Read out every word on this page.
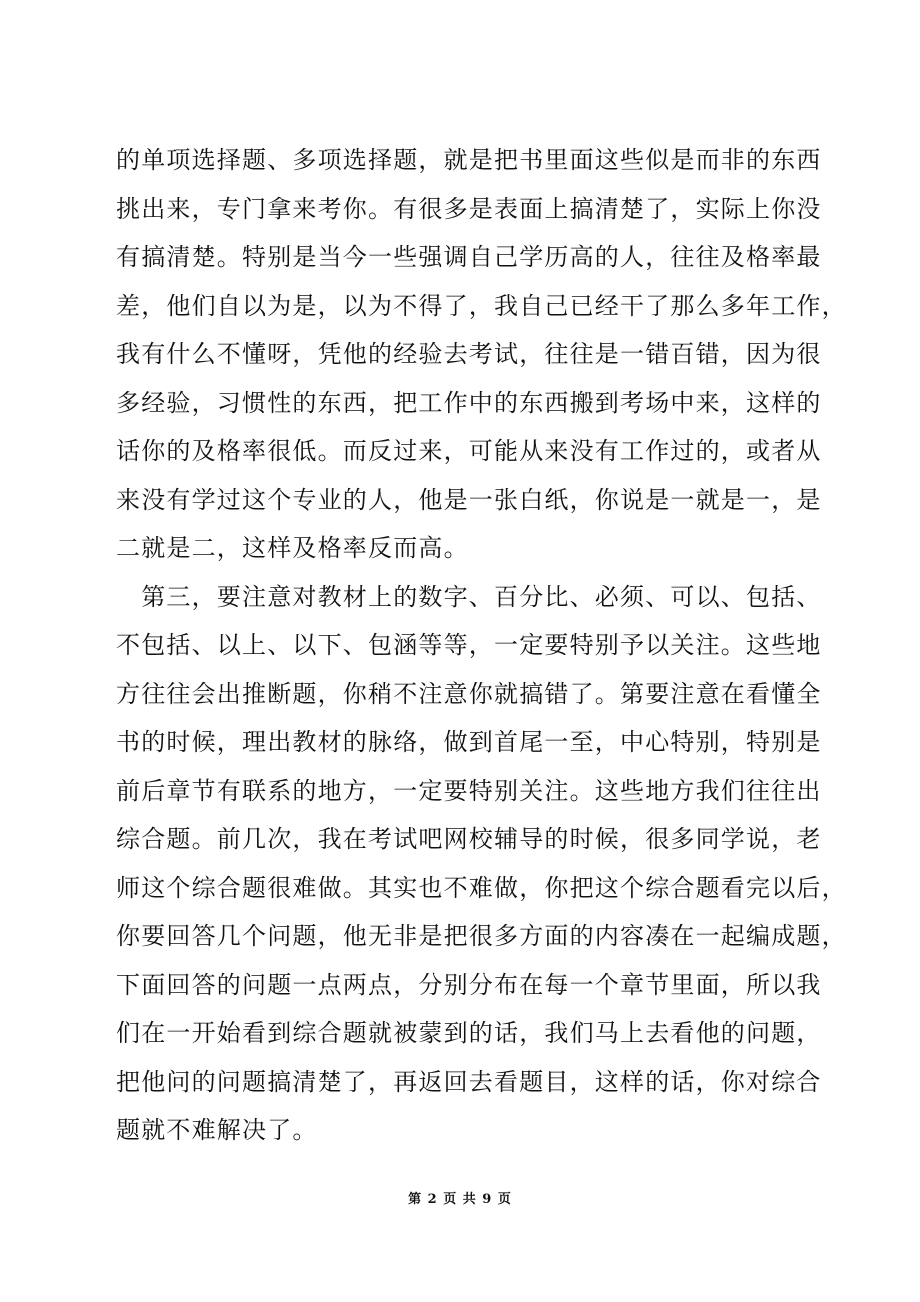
的单项选择题、多项选择题，就是把书里面这些似是而非的东西
挑出来，专门拿来考你。有很多是表面上搞清楚了，实际上你没
有搞清楚。特别是当今一些强调自己学历高的人，往往及格率最
差，他们自以为是，以为不得了，我自己已经干了那么多年工作，
我有什么不懂呀，凭他的经验去考试，往往是一错百错，因为很
多经验，习惯性的东西，把工作中的东西搬到考场中来，这样的
话你的及格率很低。而反过来，可能从来没有工作过的，或者从
来没有学过这个专业的人，他是一张白纸，你说是一就是一，是
二就是二，这样及格率反而高。
　第三，要注意对教材上的数字、百分比、必须、可以、包括、
不包括、以上、以下、包涵等等，一定要特别予以关注。这些地
方往往会出推断题，你稍不注意你就搞错了。第要注意在看懂全
书的时候，理出教材的脉络，做到首尾一至，中心特别，特别是
前后章节有联系的地方，一定要特别关注。这些地方我们往往出
综合题。前几次，我在考试吧网校辅导的时候，很多同学说，老
师这个综合题很难做。其实也不难做，你把这个综合题看完以后，
你要回答几个问题，他无非是把很多方面的内容凑在一起编成题，
下面回答的问题一点两点，分别分布在每一个章节里面，所以我
们在一开始看到综合题就被蒙到的话，我们马上去看他的问题，
把他问的问题搞清楚了，再返回去看题目，这样的话，你对综合
题就不难解决了。
第 2 页 共 9 页
